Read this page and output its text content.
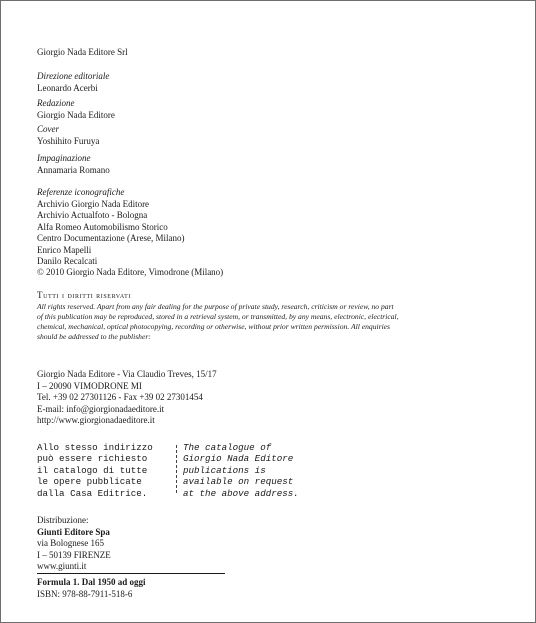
Giorgio Nada Editore Srl
Direzione editoriale
Leonardo Acerbi
Redazione
Giorgio Nada Editore
Cover
Yoshihito Furuya
Impaginazione
Annamaria Romano
Referenze iconografiche
Archivio Giorgio Nada Editore
Archivio Actualfoto - Bologna
Alfa Romeo Automobilismo Storico
Centro Documentazione (Arese, Milano)
Enrico Mapelli
Danilo Recalcati
© 2010 Giorgio Nada Editore, Vimodrone (Milano)
Tutti i diritti riservati
All rights reserved. Apart from any fair dealing for the purpose of private study, research, criticism or review, no part of this publication may be reproduced, stored in a retrieval system, or transmitted, by any means, electronic, electrical, chemical, mechanical, optical photocopying, recording or otherwise, without prior written permission. All enquiries should be addressed to the publisher:
Giorgio Nada Editore - Via Claudio Treves, 15/17
I – 20090 VIMODRONE MI
Tel. +39 02 27301126 - Fax +39 02 27301454
E-mail: info@giorgionadaeditore.it
http://www.giorgionadaeditore.it
Allo stesso indirizzo
può essere richiesto
il catalogo di tutte
le opere pubblicate
dalla Casa Editrice.
The catalogue of
Giorgio Nada Editore
publications is
available on request
at the above address.
Distribuzione:
Giunti Editore Spa
via Bolognese 165
I – 50139 FIRENZE
www.giunti.it
Formula 1. Dal 1950 ad oggi
ISBN: 978-88-7911-518-6
